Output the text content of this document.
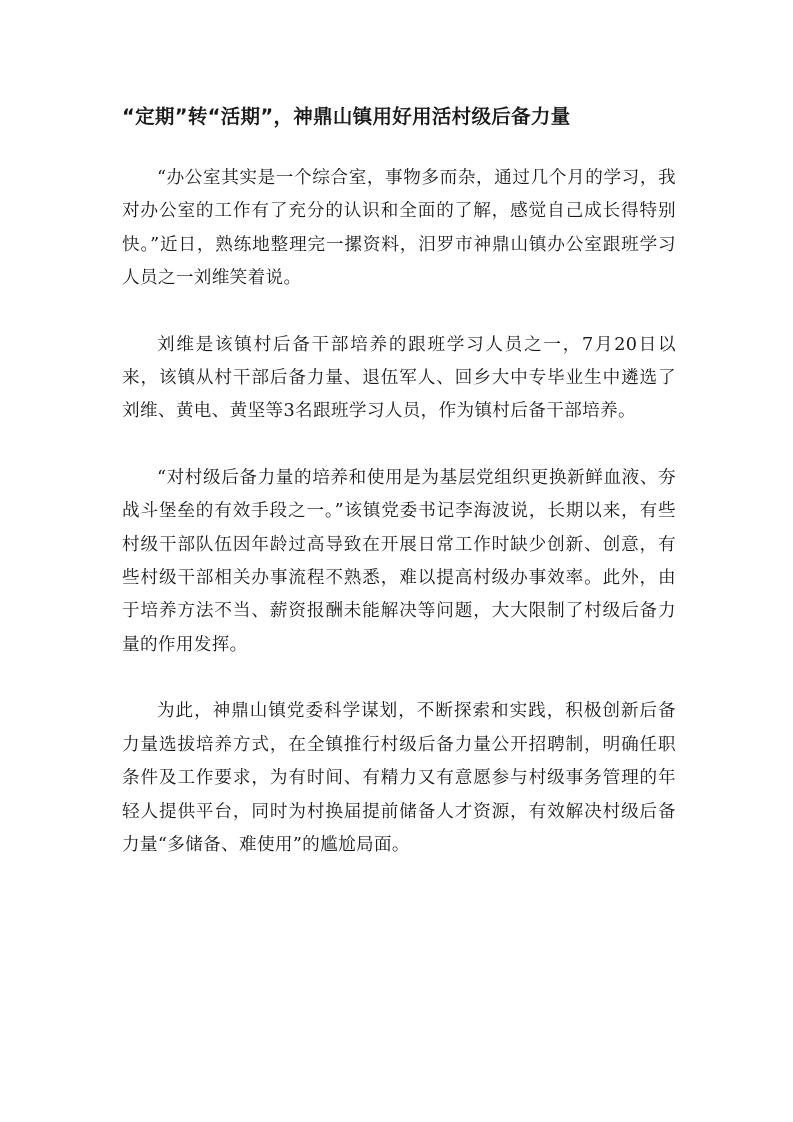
“定期”转“活期”，神鼎山镇用好用活村级后备力量

“办公室其实是一个综合室，事物多而杂，通过几个月的学习，我对办公室的工作有了充分的认识和全面的了解，感觉自己成长得特别快。”近日，熟练地整理完一摞资料，汨罗市神鼎山镇办公室跟班学习人员之一刘维笑着说。

刘维是该镇村后备干部培养的跟班学习人员之一，7月20日以来，该镇从村干部后备力量、退伍军人、回乡大中专毕业生中遴选了刘维、黄电、黄坚等3名跟班学习人员，作为镇村后备干部培养。

“对村级后备力量的培养和使用是为基层党组织更换新鲜血液、夯战斗堡垒的有效手段之一。”该镇党委书记李海波说，长期以来，有些村级干部队伍因年龄过高导致在开展日常工作时缺少创新、创意，有些村级干部相关办事流程不熟悉，难以提高村级办事效率。此外，由于培养方法不当、薪资报酬未能解决等问题，大大限制了村级后备力量的作用发挥。

为此，神鼎山镇党委科学谋划，不断探索和实践，积极创新后备力量选拔培养方式，在全镇推行村级后备力量公开招聘制，明确任职条件及工作要求，为有时间、有精力又有意愿参与村级事务管理的年轻人提供平台，同时为村换届提前储备人才资源，有效解决村级后备力量“多储备、难使用”的尴尬局面。
